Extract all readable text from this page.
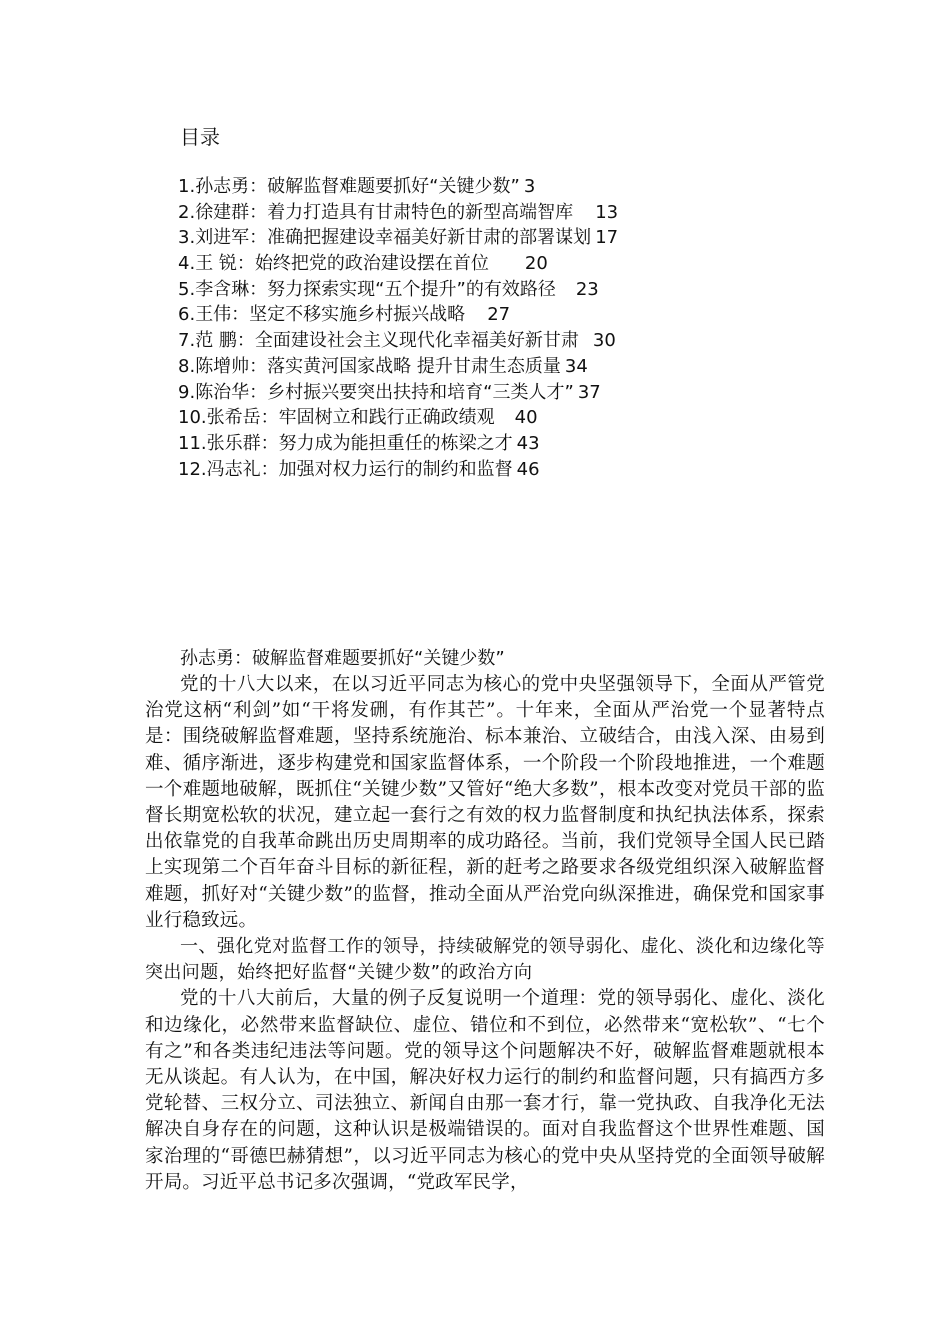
目录
1.孙志勇：破解监督难题要抓好“关键少数” 3
2.徐建群：着力打造具有甘肃特色的新型高端智库 13
3.刘进军：准确把握建设幸福美好新甘肃的部署谋划 17
4.王 锐：始终把党的政治建设摆在首位 20
5.李含琳：努力探索实现“五个提升”的有效路径 23
6.王伟：坚定不移实施乡村振兴战略 27
7.范 鹏：全面建设社会主义现代化幸福美好新甘肃 30
8.陈增帅：落实黄河国家战略 提升甘肃生态质量 34
9.陈治华：乡村振兴要突出扶持和培育“三类人才” 37
10.张希岳：牢固树立和践行正确政绩观 40
11.张乐群：努力成为能担重任的栋梁之才 43
12.冯志礼：加强对权力运行的制约和监督 46
孙志勇：破解监督难题要抓好“关键少数”

党的十八大以来，在以习近平同志为核心的党中央坚强领导下，全面从严管党治党这柄“利剑”如“干将发硎，有作其芒”。十年来，全面从严治党一个显著特点是：围绕破解监督难题，坚持系统施治、标本兼治、立破结合，由浅入深、由易到难、循序渐进，逐步构建党和国家监督体系，一个阶段一个阶段地推进，一个难题一个难题地破解，既抓住“关键少数”又管好“绝大多数”，根本改变对党员干部的监督长期宽松软的状况，建立起一套行之有效的权力监督制度和执纪执法体系，探索出依靠党的自我革命跳出历史周期率的成功路径。当前，我们党领导全国人民已踏上实现第二个百年奋斗目标的新征程，新的赶考之路要求各级党组织深入破解监督难题，抓好对“关键少数”的监督，推动全面从严治党向纵深推进，确保党和国家事业行稳致远。

一、强化党对监督工作的领导，持续破解党的领导弱化、虚化、淡化和边缘化等突出问题，始终把好监督“关键少数”的政治方向

党的十八大前后，大量的例子反复说明一个道理：党的领导弱化、虚化、淡化和边缘化，必然带来监督缺位、虚位、错位和不到位，必然带来“宽松软”、“七个有之”和各类违纪违法等问题。党的领导这个问题解决不好，破解监督难题就根本无从谈起。有人认为，在中国，解决好权力运行的制约和监督问题，只有搞西方多党轮替、三权分立、司法独立、新闻自由那一套才行，靠一党执政、自我净化无法解决自身存在的问题，这种认识是极端错误的。面对自我监督这个世界性难题、国家治理的“哥德巴赫猜想”，以习近平同志为核心的党中央从坚持党的全面领导破解开局。习近平总书记多次强调，“党政军民学，
